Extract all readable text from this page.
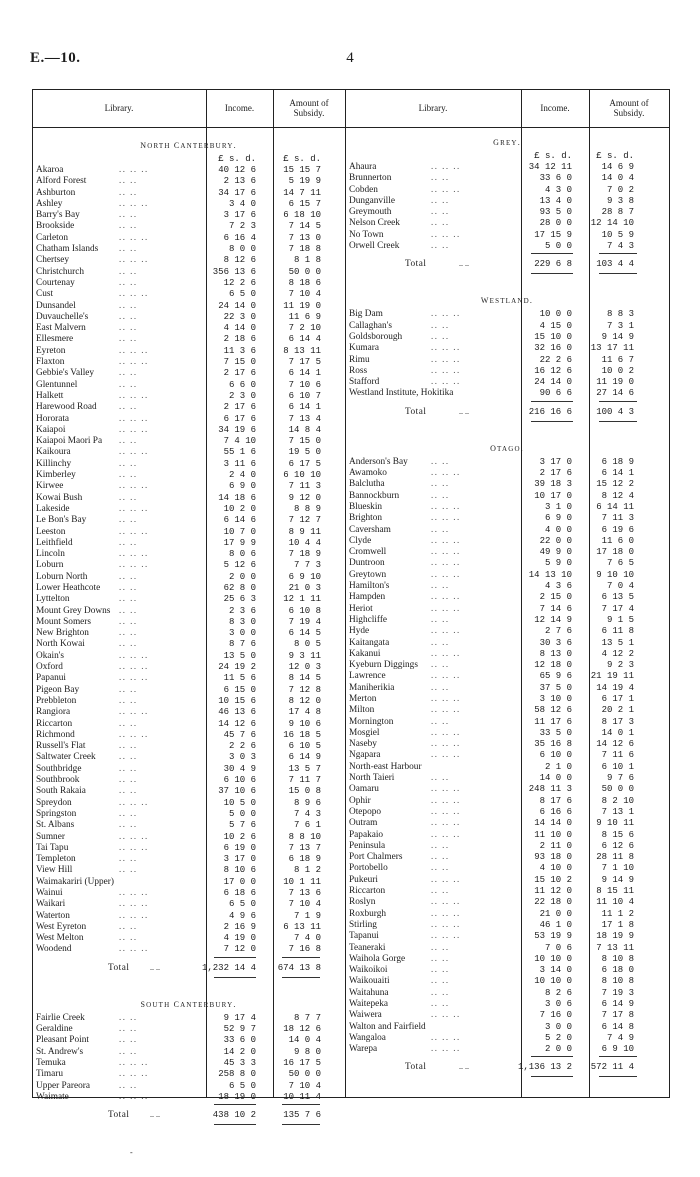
E.—10.	4
Library.	Income.	Amount of
Subsidy.	Library.	Income.	Amount of
Subsidy.
NORTH CANTERBURY.
£ s. d.	£ s. d.
Akaroa	.. .. ..	40 12 6	15 15 7
Alford Forest	.. ..	2 13 6	5 19 9
Ashburton	.. ..	34 17 6	14 7 11
Ashley	.. .. ..	3 4 0	6 15 7
Barry's Bay	.. ..	3 17 6	6 18 10
Brookside	.. ..	7 2 3	7 14 5
Carleton	.. .. ..	6 16 4	7 13 0
Chatham Islands	.. ..	8 0 0	7 18 8
Chertsey	.. .. ..	8 12 6	8 1 8
Christchurch	.. ..	356 13 6	50 0 0
Courtenay	.. ..	12 2 6	8 18 6
Cust	.. .. ..	6 5 0	7 10 4
Dunsandel	.. ..	24 14 0	11 19 0
Duvauchelle's	.. ..	22 3 0	11 6 9
East Malvern	.. ..	4 14 0	7 2 10
Ellesmere	.. ..	2 18 6	6 14 4
Eyreton	.. .. ..	11 3 6	8 13 11
Flaxton	.. .. ..	7 15 0	7 17 5
Gebbie's Valley	.. ..	2 17 6	6 14 1
Glentunnel	.. ..	6 6 0	7 10 6
Halkett	.. .. ..	2 3 0	6 10 7
Harewood Road	.. ..	2 17 6	6 14 1
Hororata	.. .. ..	6 17 6	7 13 4
Kaiapoi	.. .. ..	34 19 6	14 8 4
Kaiapoi Maori Pa .. ..	7 4 10	7 15 0
Kaikoura	.. .. ..	55 1 6	19 5 0
Killinchy	.. ..	3 11 6	6 17 5
Kimberley	.. ..	2 4 0	6 10 10
Kirwee	.. .. ..	6 9 0	7 11 3
Kowai Bush	.. ..	14 18 6	9 12 0
Lakeside	.. .. ..	10 2 0	8 8 9
Le Bon's Bay	.. ..	6 14 6	7 12 7
Leeston	.. .. ..	10 7 0	8 9 11
Leithfield	.. ..	17 9 9	10 4 4
Lincoln	.. .. ..	8 0 6	7 18 9
Loburn	.. .. ..	5 12 6	7 7 3
Loburn North	.. ..	2 0 0	6 9 10
Lower Heathcote	.. ..	62 8 0	21 0 3
Lyttelton	.. ..	25 6 3	12 1 11
Mount Grey Downs .. ..	2 3 6	6 10 8
Mount Somers	.. ..	8 3 0	7 19 4
New Brighton	.. ..	3 0 0	6 14 5
North Kowai	.. ..	8 7 6	8 0 5
Okain's	.. .. ..	13 5 0	9 3 11
Oxford	.. .. ..	24 19 2	12 0 3
Papanui	.. .. ..	11 5 6	8 14 5
Pigeon Bay	.. ..	6 15 0	7 12 8
Prebbleton	.. ..	10 15 6	8 12 0
Rangiora	.. .. ..	46 13 6	17 4 8
Riccarton	.. ..	14 12 6	9 10 6
Richmond	.. .. ..	45 7 6	16 18 5
Russell's Flat	.. ..	2 2 6	6 10 5
Saltwater Creek	.. ..	3 0 3	6 14 9
Southbridge	.. ..	30 4 9	13 5 7
Southbrook	.. ..	6 10 6	7 11 7
South Rakaia	.. ..	37 10 6	15 0 8
Spreydon	.. .. ..	10 5 0	8 9 6
Springston	.. ..	5 0 0	7 4 3
St. Albans	.. ..	5 7 6	7 6 1
Sumner	.. .. ..	10 2 6	8 8 10
Tai Tapu	.. .. ..	6 19 0	7 13 7
Templeton	.. ..	3 17 0	6 18 9
View Hill	.. ..	8 10 6	8 1 2
Waimakariri (Upper)	17 0 0	10 1 11
Wainui	.. .. ..	6 18 6	7 13 6
Waikari	.. .. ..	6 5 0	7 10 4
Waterton	.. .. ..	4 9 6	7 1 9
West Eyreton	.. ..	2 16 9	6 13 11
West Melton	.. ..	4 19 0	7 4 0
Woodend	.. .. ..	7 12 0	7 16 8
Total	.. ..	1,232 14 4	674 13 8
SOUTH CANTERBURY.
Fairlie Creek	.. ..	9 17 4	8 7 7
Geraldine	.. ..	52 9 7	18 12 6
Pleasant Point	.. ..	33 6 0	14 0 4
St. Andrew's	.. ..	14 2 0	9 8 0
Temuka	.. .. ..	45 3 3	16 17 5
Timaru	.. .. ..	258 8 0	50 0 0
Upper Pareora	.. ..	6 5 0	7 10 4
Waimate	.. .. ..	18 19 0	10 11 4
Total	.. ..	438 10 2	135 7 6
GREY.
£ s. d.	£ s. d.
Ahaura	.. .. ..	34 12 11	14 6 9
Brunnerton	.. ..	33 6 0	14 0 4
Cobden	.. .. ..	4 3 0	7 0 2
Dunganville	.. ..	13 4 0	9 3 8
Greymouth	.. ..	93 5 0	28 8 7
Nelson Creek	.. ..	28 0 0	12 14 10
No Town	.. .. ..	17 15 9	10 5 9
Orwell Creek	.. ..	5 0 0	7 4 3
Total	.. ..	229 6 8	103 4 4
WESTLAND.
Big Dam	.. .. ..	10 0 0	8 8 3
Callaghan's	.. ..	4 15 0	7 3 1
Goldsborough	.. ..	15 10 0	9 14 9
Kumara	.. .. ..	32 16 0	13 17 11
Rimu	.. .. ..	22 2 6	11 6 7
Ross	.. .. ..	16 12 6	10 0 2
Stafford	.. .. ..	24 14 0	11 19 0
Westland Institute, Hokitika	90 6 6	27 14 6
Total	.. ..	216 16 6	100 4 3
OTAGO.
Anderson's Bay	.. ..	3 17 0	6 18 9
Awamoko	.. .. ..	2 17 6	6 14 1
Balclutha	.. ..	39 18 3	15 12 2
Bannockburn	.. ..	10 17 0	8 12 4
Blueskin	.. .. ..	3 1 0	6 14 11
Brighton	.. .. ..	6 9 0	7 11 3
Caversham	.. ..	4 0 0	6 19 6
Clyde	.. .. ..	22 0 0	11 6 0
Cromwell	.. .. ..	49 9 0	17 18 0
Duntroon	.. .. ..	5 9 0	7 6 5
Greytown	.. .. ..	14 13 10	9 10 10
Hamilton's	.. ..	4 3 6	7 0 4
Hampden	.. .. ..	2 15 0	6 13 5
Heriot	.. .. ..	7 14 6	7 17 4
Highcliffe	.. ..	12 14 9	9 1 5
Hyde	.. .. ..	2 7 6	6 11 8
Kaitangata	.. ..	30 3 6	13 5 1
Kakanui	.. .. ..	8 13 0	4 12 2
Kyeburn Diggings .. ..	12 18 0	9 2 3
Lawrence	.. .. ..	65 9 6	21 19 11
Maniherikia	.. ..	37 5 0	14 19 4
Merton	.. .. ..	3 10 0	6 17 1
Milton	.. .. ..	58 12 6	20 2 1
Mornington	.. ..	11 17 6	8 17 3
Mosgiel	.. .. ..	33 5 0	14 0 1
Naseby	.. .. ..	35 16 8	14 12 6
Ngapara	.. .. ..	6 10 0	7 11 6
North-east Harbour	2 1 0	6 10 1
North Taieri	.. ..	14 0 0	9 7 6
Oamaru	.. .. ..	248 11 3	50 0 0
Ophir	.. .. ..	8 17 6	8 2 10
Otepopo	.. .. ..	6 16 6	7 13 1
Outram	.. .. ..	14 14 0	9 10 11
Papakaio	.. .. ..	11 10 0	8 15 6
Peninsula	.. ..	2 11 0	6 12 6
Port Chalmers	.. ..	93 18 0	28 11 8
Portobello	.. ..	4 10 0	7 1 10
Pukeuri	.. .. ..	15 10 2	9 14 9
Riccarton	.. ..	11 12 0	8 15 11
Roslyn	.. .. ..	22 18 0	11 10 4
Roxburgh	.. .. ..	21 0 0	11 1 2
Stirling	.. .. ..	46 1 0	17 1 8
Tapanui	.. .. ..	53 19 9	18 19 9
Teaneraki	.. ..	7 0 6	7 13 11
Waihola Gorge	.. ..	10 10 0	8 10 8
Waikoikoi	.. ..	3 14 0	6 18 0
Waikouaiti	.. ..	10 10 0	8 10 8
Waitahuna	.. ..	8 2 6	7 19 3
Waitepeka	.. ..	3 0 6	6 14 9
Waiwera	.. .. ..	7 16 0	7 17 8
Walton and Fairfield	3 0 0	6 14 8
Wangaloa	.. .. ..	5 2 0	7 4 9
Warepa	.. .. ..	2 0 0	6 9 10
Total	.. ..	1,136 13 2	572 11 4
-
